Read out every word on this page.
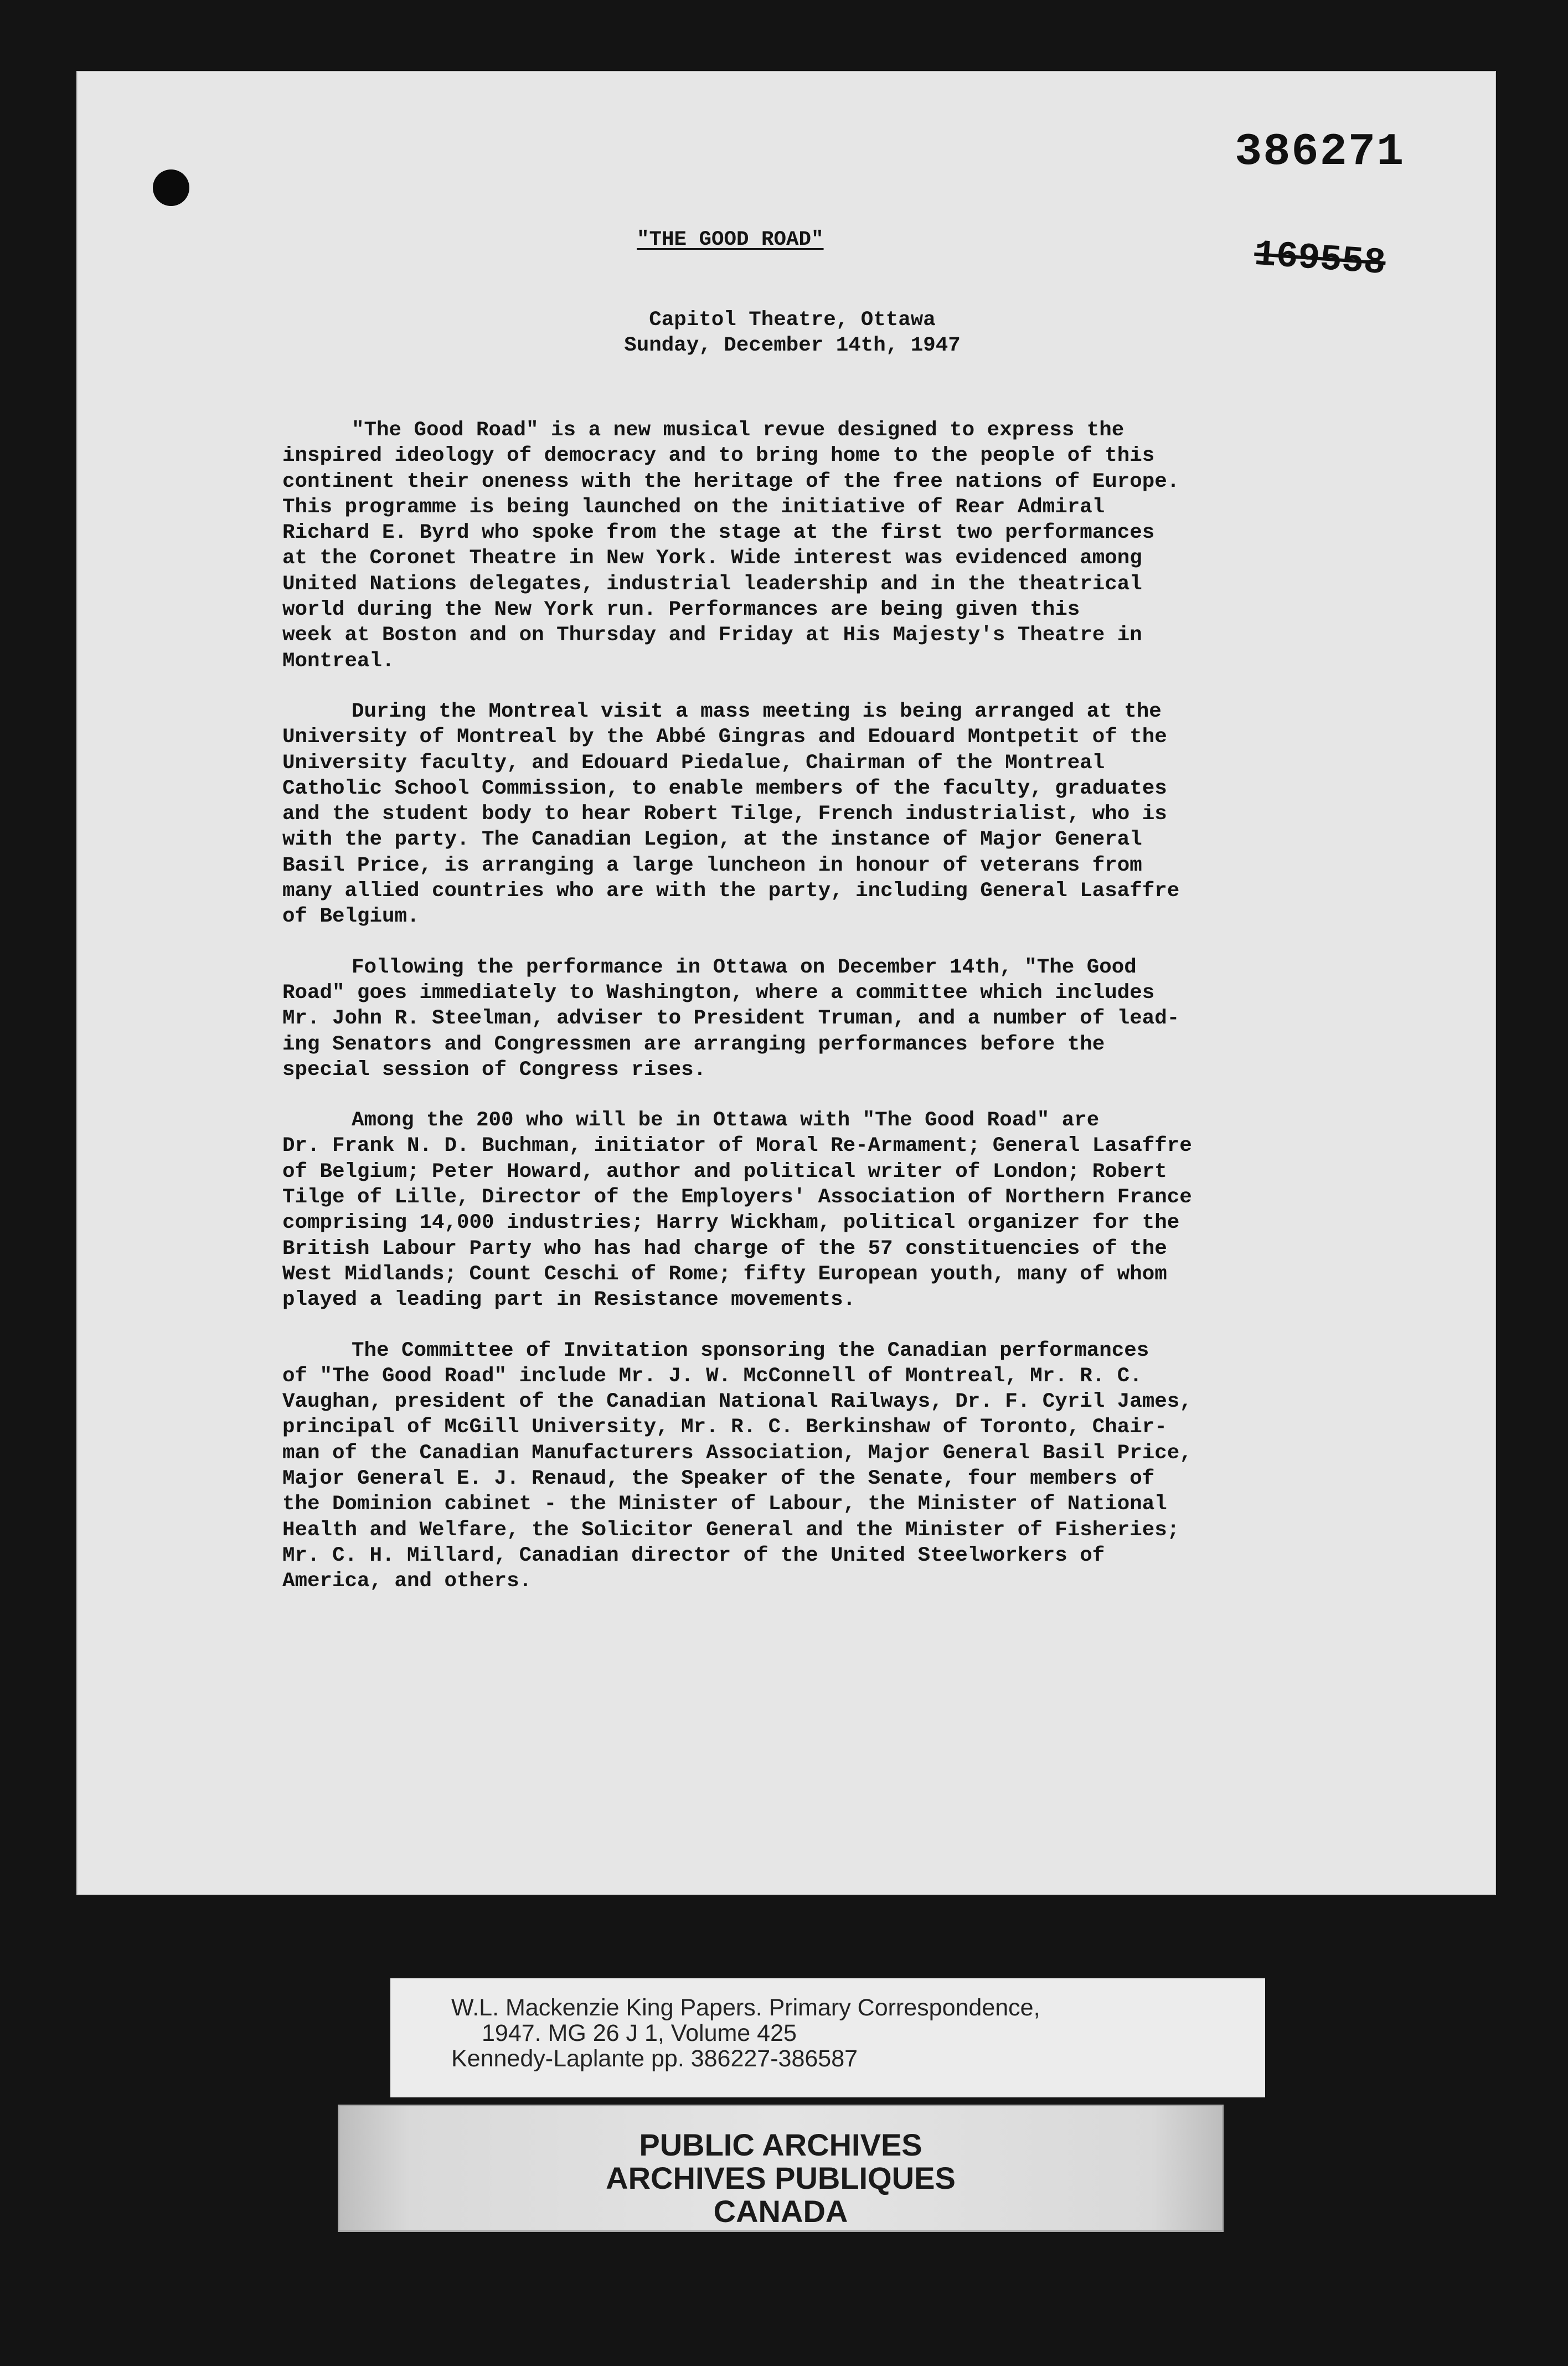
386271
169558
"THE GOOD ROAD"
Capitol Theatre, Ottawa
Sunday, December 14th, 1947
"The Good Road" is a new musical revue designed to express the
inspired ideology of democracy and to bring home to the people of this
continent their oneness with the heritage of the free nations of Europe.
This programme is being launched on the initiative of Rear Admiral
Richard E. Byrd who spoke from the stage at the first two performances
at the Coronet Theatre in New York. Wide interest was evidenced among
United Nations delegates, industrial leadership and in the theatrical
world during the New York run. Performances are being given this
week at Boston and on Thursday and Friday at His Majesty's Theatre in
Montreal.
During the Montreal visit a mass meeting is being arranged at the
University of Montreal by the Abbé Gingras and Edouard Montpetit of the
University faculty, and Edouard Piedalue, Chairman of the Montreal
Catholic School Commission, to enable members of the faculty, graduates
and the student body to hear Robert Tilge, French industrialist, who is
with the party. The Canadian Legion, at the instance of Major General
Basil Price, is arranging a large luncheon in honour of veterans from
many allied countries who are with the party, including General Lasaffre
of Belgium.
Following the performance in Ottawa on December 14th, "The Good
Road" goes immediately to Washington, where a committee which includes
Mr. John R. Steelman, adviser to President Truman, and a number of lead-
ing Senators and Congressmen are arranging performances before the
special session of Congress rises.
Among the 200 who will be in Ottawa with "The Good Road" are
Dr. Frank N. D. Buchman, initiator of Moral Re-Armament; General Lasaffre
of Belgium; Peter Howard, author and political writer of London; Robert
Tilge of Lille, Director of the Employers' Association of Northern France
comprising 14,000 industries; Harry Wickham, political organizer for the
British Labour Party who has had charge of the 57 constituencies of the
West Midlands; Count Ceschi of Rome; fifty European youth, many of whom
played a leading part in Resistance movements.
The Committee of Invitation sponsoring the Canadian performances
of "The Good Road" include Mr. J. W. McConnell of Montreal, Mr. R. C.
Vaughan, president of the Canadian National Railways, Dr. F. Cyril James,
principal of McGill University, Mr. R. C. Berkinshaw of Toronto, Chair-
man of the Canadian Manufacturers Association, Major General Basil Price,
Major General E. J. Renaud, the Speaker of the Senate, four members of
the Dominion cabinet - the Minister of Labour, the Minister of National
Health and Welfare, the Solicitor General and the Minister of Fisheries;
Mr. C. H. Millard, Canadian director of the United Steelworkers of
America, and others.
W.L. Mackenzie King Papers. Primary Correspondence,
1947. MG 26 J 1, Volume 425
Kennedy-Laplante pp. 386227-386587
PUBLIC ARCHIVES
ARCHIVES PUBLIQUES
CANADA
